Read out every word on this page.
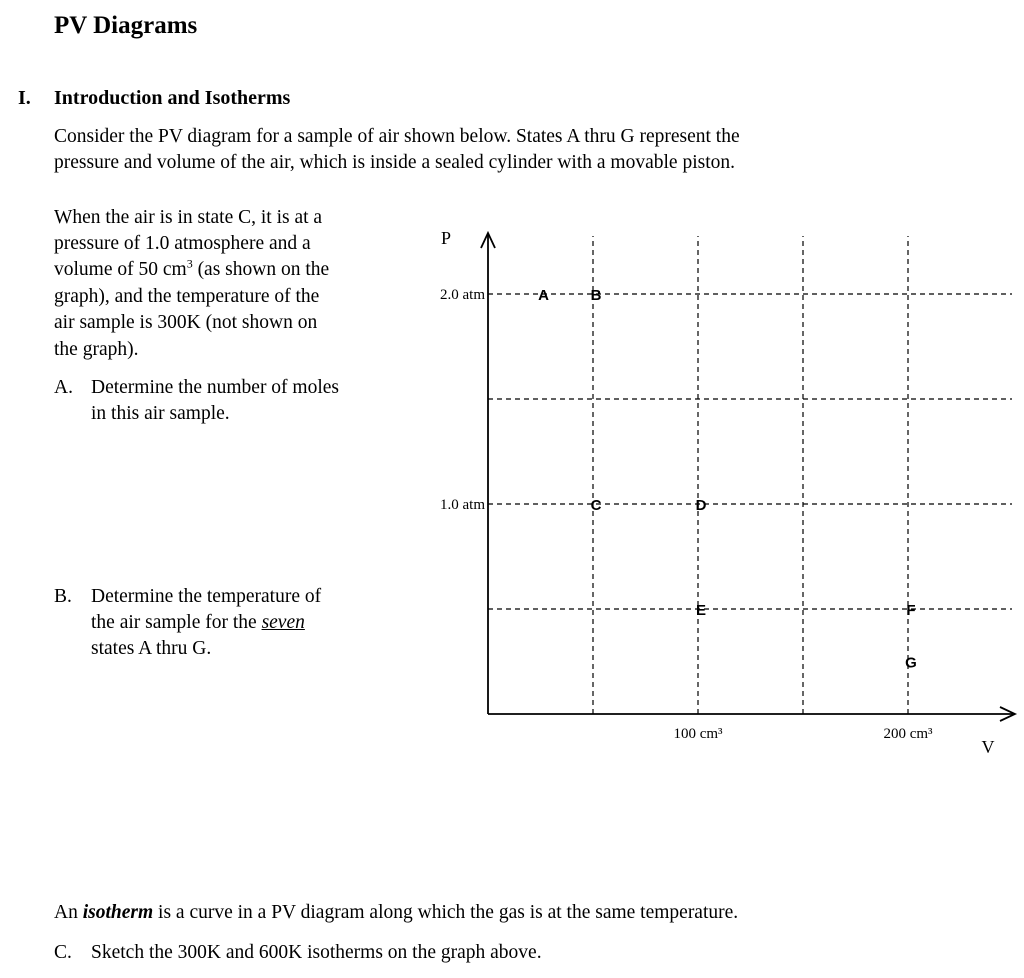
PV Diagrams
I. Introduction and Isotherms
Consider the PV diagram for a sample of air shown below. States A thru G represent the
pressure and volume of the air, which is inside a sealed cylinder with a movable piston.
When the air is in state C, it is at a
pressure of 1.0 atmosphere and a
volume of 50 $cm^3$ (as shown on the
graph), and the temperature of the
air sample is 300K (not shown on
the graph).
A. Determine the number of moles
in this air sample.
B. Determine the temperature of
the air sample for the seven
states A thru G.
An isotherm is a curve in a PV diagram along which the gas is at the same temperature.
C. Sketch the 300K and 600K isotherms on the graph above.
P
V
1.0 atm
2.0 atm
100 cm³	200 cm³
A	B
C	D
E	F
G
